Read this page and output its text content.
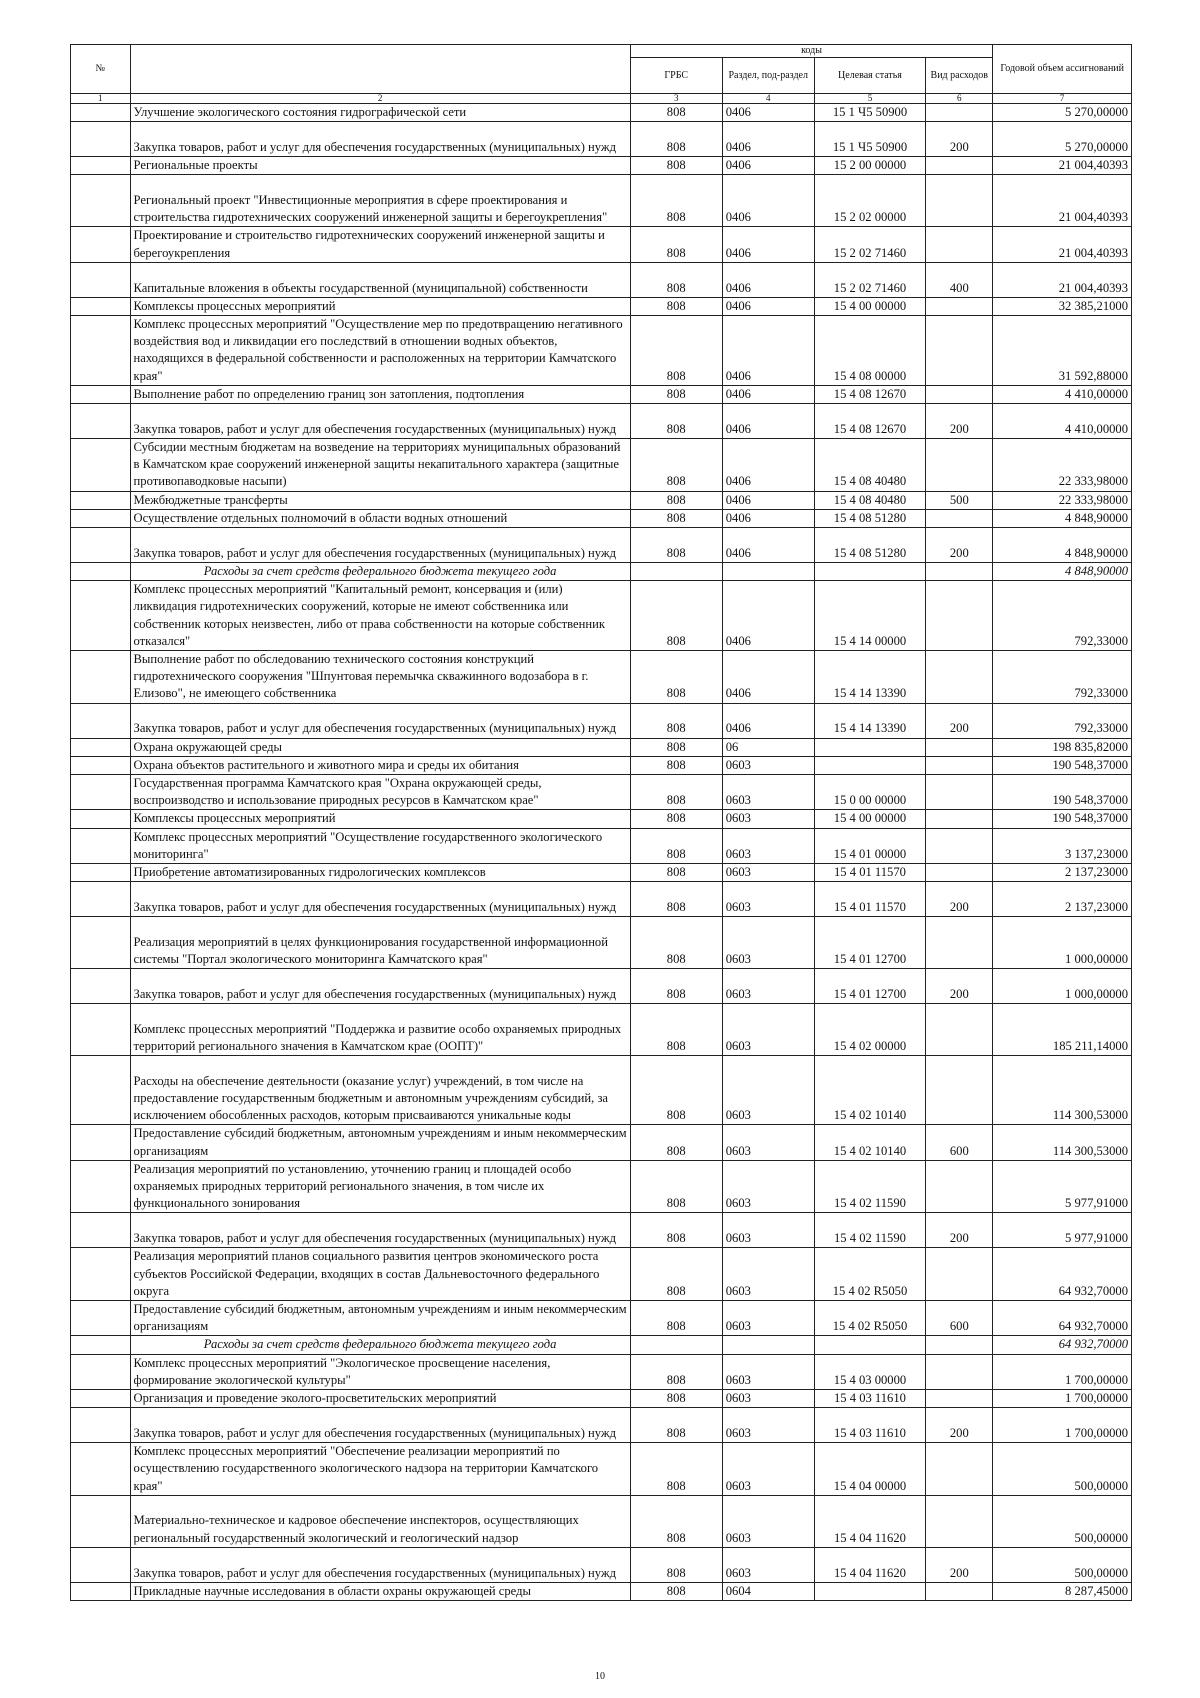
№		коды				Годовой объем ассигнований
		ГРБС	Раздел, под-раздел	Целевая статья	Вид расходов	
1	2	3	4	5	6	7
	Улучшение экологического состояния гидрографической сети	808	0406	15 1 Ч5 50900		5 270,00000
	Закупка товаров, работ и услуг для обеспечения государственных (муниципальных) нужд	808	0406	15 1 Ч5 50900	200	5 270,00000
	Региональные проекты	808	0406	15 2 00 00000		21 004,40393
	Региональный проект "Инвестиционные мероприятия в сфере проектирования и строительства гидротехнических сооружений инженерной защиты и берегоукрепления"	808	0406	15 2 02 00000		21 004,40393
	Проектирование и строительство гидротехнических сооружений инженерной защиты и берегоукрепления	808	0406	15 2 02 71460		21 004,40393
	Капитальные вложения в объекты государственной (муниципальной) собственности	808	0406	15 2 02 71460	400	21 004,40393
	Комплексы процессных мероприятий	808	0406	15 4 00 00000		32 385,21000
	Комплекс процессных мероприятий "Осуществление мер по предотвращению негативного воздействия вод и ликвидации его последствий в отношении водных объектов, находящихся в федеральной собственности и расположенных на территории Камчатского края"	808	0406	15 4 08 00000		31 592,88000
	Выполнение работ по определению границ зон затопления, подтопления	808	0406	15 4 08 12670		4 410,00000
	Закупка товаров, работ и услуг для обеспечения государственных (муниципальных) нужд	808	0406	15 4 08 12670	200	4 410,00000
	Субсидии местным бюджетам на возведение на территориях муниципальных образований в Камчатском крае сооружений инженерной защиты некапитального характера (защитные противопаводковые насыпи)	808	0406	15 4 08 40480		22 333,98000
	Межбюджетные трансферты	808	0406	15 4 08 40480	500	22 333,98000
	Осуществление отдельных полномочий в области водных отношений	808	0406	15 4 08 51280		4 848,90000
	Закупка товаров, работ и услуг для обеспечения государственных (муниципальных) нужд	808	0406	15 4 08 51280	200	4 848,90000
	Расходы за счет средств федерального бюджета текущего года					4 848,90000
	Комплекс процессных мероприятий "Капитальный ремонт, консервация и (или) ликвидация гидротехнических сооружений, которые не имеют собственника или собственник которых неизвестен, либо от права собственности на которые собственник отказался"	808	0406	15 4 14 00000		792,33000
	Выполнение работ по обследованию технического состояния конструкций гидротехнического сооружения "Шпунтовая перемычка скважинного водозабора в г. Елизово", не имеющего собственника	808	0406	15 4 14 13390		792,33000
	Закупка товаров, работ и услуг для обеспечения государственных (муниципальных) нужд	808	0406	15 4 14 13390	200	792,33000
	Охрана окружающей среды	808	06			198 835,82000
	Охрана объектов растительного и животного мира и среды их обитания	808	0603			190 548,37000
	Государственная программа Камчатского края "Охрана окружающей среды, воспроизводство и использование природных ресурсов в Камчатском крае"	808	0603	15 0 00 00000		190 548,37000
	Комплексы процессных мероприятий	808	0603	15 4 00 00000		190 548,37000
	Комплекс процессных мероприятий "Осуществление государственного экологического мониторинга"	808	0603	15 4 01 00000		3 137,23000
	Приобретение автоматизированных гидрологических комплексов	808	0603	15 4 01 11570		2 137,23000
	Закупка товаров, работ и услуг для обеспечения государственных (муниципальных) нужд	808	0603	15 4 01 11570	200	2 137,23000
	Реализация мероприятий в целях функционирования государственной информационной системы "Портал экологического мониторинга Камчатского края"	808	0603	15 4 01 12700		1 000,00000
	Закупка товаров, работ и услуг для обеспечения государственных (муниципальных) нужд	808	0603	15 4 01 12700	200	1 000,00000
	Комплекс процессных мероприятий "Поддержка и развитие особо охраняемых природных территорий регионального значения в Камчатском крае (ООПТ)"	808	0603	15 4 02 00000		185 211,14000
	Расходы на обеспечение деятельности (оказание услуг) учреждений, в том числе на предоставление государственным бюджетным и автономным учреждениям субсидий, за исключением обособленных расходов, которым присваиваются уникальные коды	808	0603	15 4 02 10140		114 300,53000
	Предоставление субсидий бюджетным, автономным учреждениям и иным некоммерческим организациям	808	0603	15 4 02 10140	600	114 300,53000
	Реализация мероприятий по установлению, уточнению границ и площадей особо охраняемых природных территорий регионального значения, в том числе их функционального зонирования	808	0603	15 4 02 11590		5 977,91000
	Закупка товаров, работ и услуг для обеспечения государственных (муниципальных) нужд	808	0603	15 4 02 11590	200	5 977,91000
	Реализация мероприятий планов социального развития центров экономического роста субъектов Российской Федерации, входящих в состав Дальневосточного федерального округа	808	0603	15 4 02 R5050		64 932,70000
	Предоставление субсидий бюджетным, автономным учреждениям и иным некоммерческим организациям	808	0603	15 4 02 R5050	600	64 932,70000
	Расходы за счет средств федерального бюджета текущего года					64 932,70000
	Комплекс процессных мероприятий "Экологическое просвещение населения, формирование экологической культуры"	808	0603	15 4 03 00000		1 700,00000
	Организация и проведение эколого-просветительских мероприятий	808	0603	15 4 03 11610		1 700,00000
	Закупка товаров, работ и услуг для обеспечения государственных (муниципальных) нужд	808	0603	15 4 03 11610	200	1 700,00000
	Комплекс процессных мероприятий "Обеспечение реализации мероприятий по осуществлению государственного экологического надзора на территории Камчатского края"	808	0603	15 4 04 00000		500,00000
	Материально-техническое и кадровое обеспечение инспекторов, осуществляющих региональный государственный экологический и геологический надзор	808	0603	15 4 04 11620		500,00000
	Закупка товаров, работ и услуг для обеспечения государственных (муниципальных) нужд	808	0603	15 4 04 11620	200	500,00000
	Прикладные научные исследования в области охраны окружающей среды	808	0604			8 287,45000
10
